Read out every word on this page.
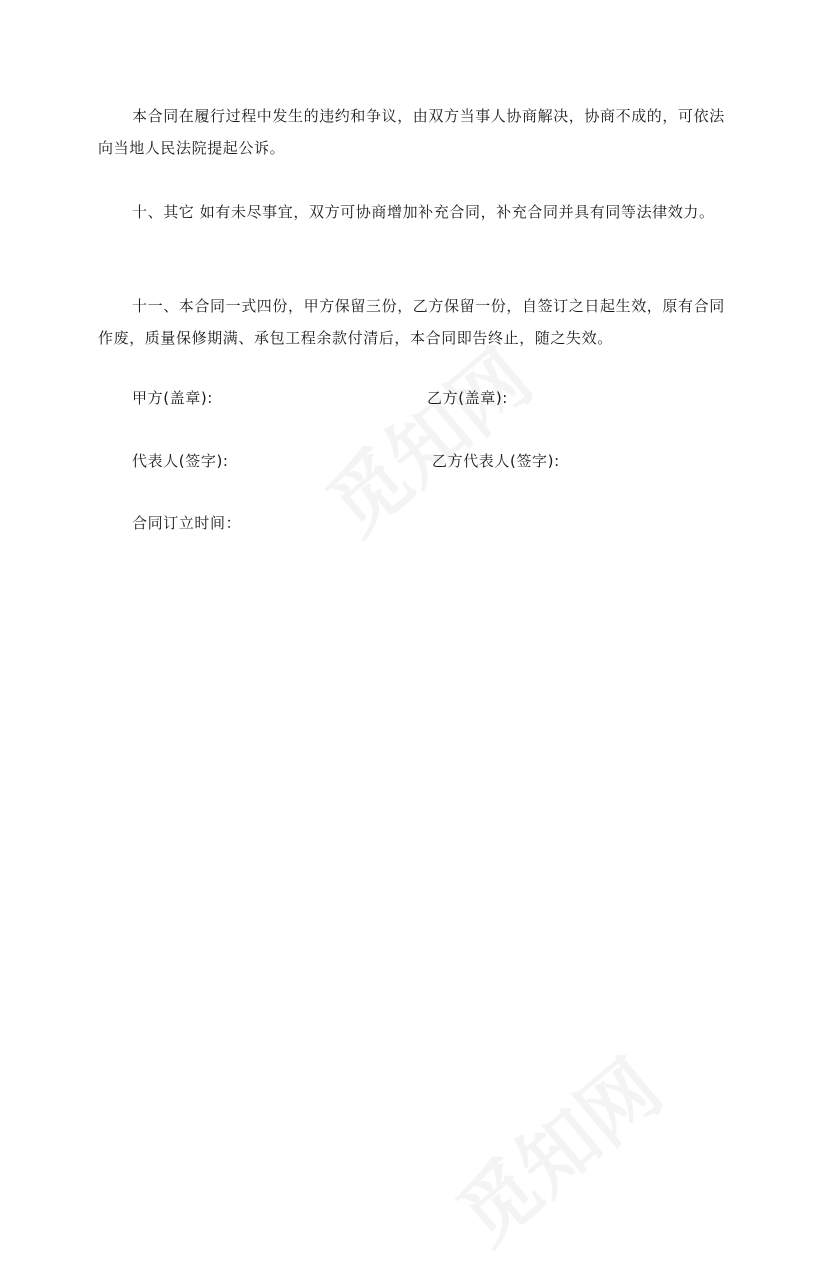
本合同在履行过程中发生的违约和争议，由双方当事人协商解决，协商不成的，可依法向当地人民法院提起公诉。

十、其它 如有未尽事宜，双方可协商增加补充合同，补充合同并具有同等法律效力。

十一、本合同一式四份，甲方保留三份，乙方保留一份，自签订之日起生效，原有合同 作废，质量保修期满、承包工程余款付清后，本合同即告终止，随之失效。

甲方(盖章):	乙方(盖章):
代表人(签字):	乙方代表人(签字):
合同订立时间：
